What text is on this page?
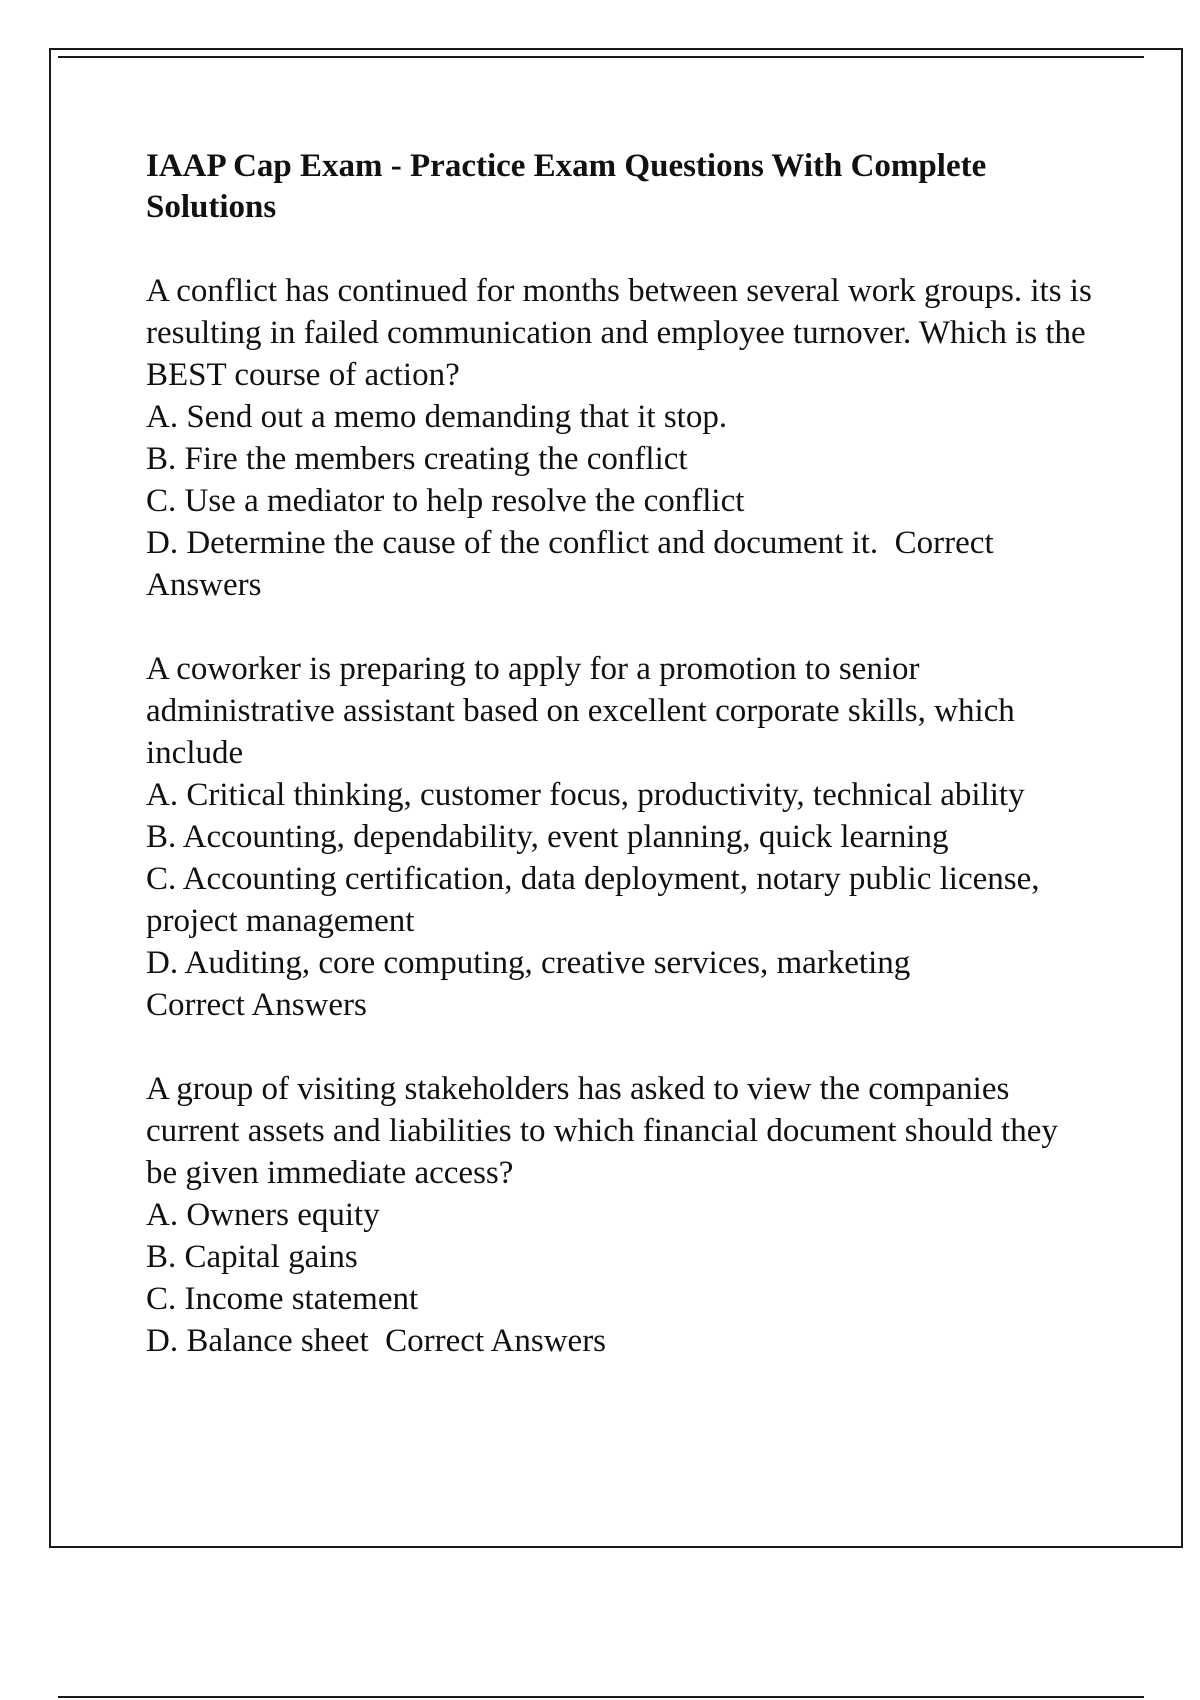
IAAP Cap Exam - Practice Exam Questions With Complete Solutions

A conflict has continued for months between several work groups. its is resulting in failed communication and employee turnover. Which is the BEST course of action?

A. Send out a memo demanding that it stop.

B. Fire the members creating the conflict

C. Use a mediator to help resolve the conflict

D. Determine the cause of the conflict and document it. Correct Answers

A coworker is preparing to apply for a promotion to senior administrative assistant based on excellent corporate skills, which include

A. Critical thinking, customer focus, productivity, technical ability

B. Accounting, dependability, event planning, quick learning

C. Accounting certification, data deployment, notary public license, project management

D. Auditing, core computing, creative services, marketing

Correct Answers

A group of visiting stakeholders has asked to view the companies current assets and liabilities to which financial document should they be given immediate access?

A. Owners equity

B. Capital gains

C. Income statement

D. Balance sheet Correct Answers
